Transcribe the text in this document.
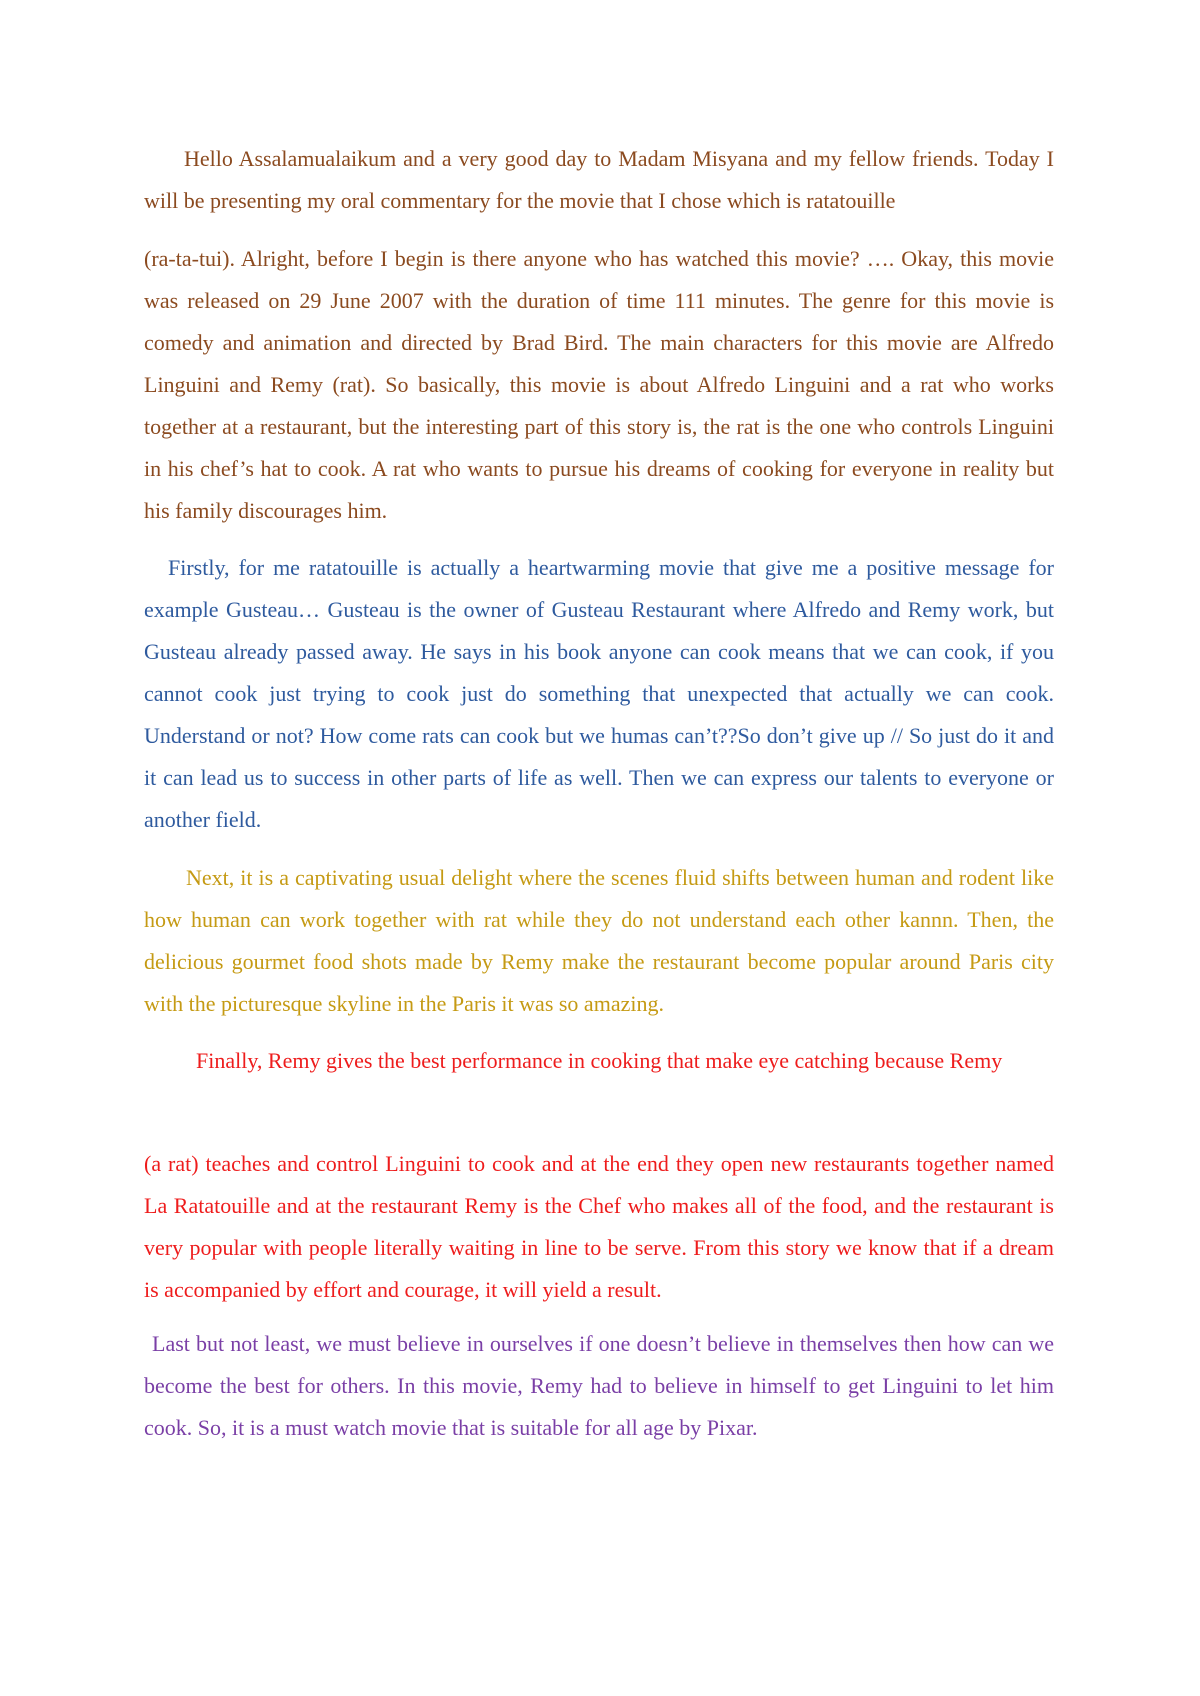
Hello Assalamualaikum and a very good day to Madam Misyana and my fellow friends. Today I will be presenting my oral commentary for the movie that I chose which is ratatouille

(ra-ta-tui). Alright, before I begin is there anyone who has watched this movie? …. Okay, this movie was released on 29 June 2007 with the duration of time 111 minutes. The genre for this movie is comedy and animation and directed by Brad Bird. The main characters for this movie are Alfredo Linguini and Remy (rat). So basically, this movie is about Alfredo Linguini and a rat who works together at a restaurant, but the interesting part of this story is, the rat is the one who controls Linguini in his chef’s hat to cook. A rat who wants to pursue his dreams of cooking for everyone in reality but his family discourages him.

Firstly, for me ratatouille is actually a heartwarming movie that give me a positive message for example Gusteau… Gusteau is the owner of Gusteau Restaurant where Alfredo and Remy work, but Gusteau already passed away. He says in his book anyone can cook means that we can cook, if you cannot cook just trying to cook just do something that unexpected that actually we can cook. Understand or not? How come rats can cook but we humas can’t??So don’t give up // So just do it and it can lead us to success in other parts of life as well. Then we can express our talents to everyone or another field.

Next, it is a captivating usual delight where the scenes fluid shifts between human and rodent like how human can work together with rat while they do not understand each other kannn. Then, the delicious gourmet food shots made by Remy make the restaurant become popular around Paris city with the picturesque skyline in the Paris it was so amazing.

Finally, Remy gives the best performance in cooking that make eye catching because Remy

(a rat) teaches and control Linguini to cook and at the end they open new restaurants together named La Ratatouille and at the restaurant Remy is the Chef who makes all of the food, and the restaurant is very popular with people literally waiting in line to be serve. From this story we know that if a dream is accompanied by effort and courage, it will yield a result.

Last but not least, we must believe in ourselves if one doesn’t believe in themselves then how can we become the best for others. In this movie, Remy had to believe in himself to get Linguini to let him cook. So, it is a must watch movie that is suitable for all age by Pixar.
